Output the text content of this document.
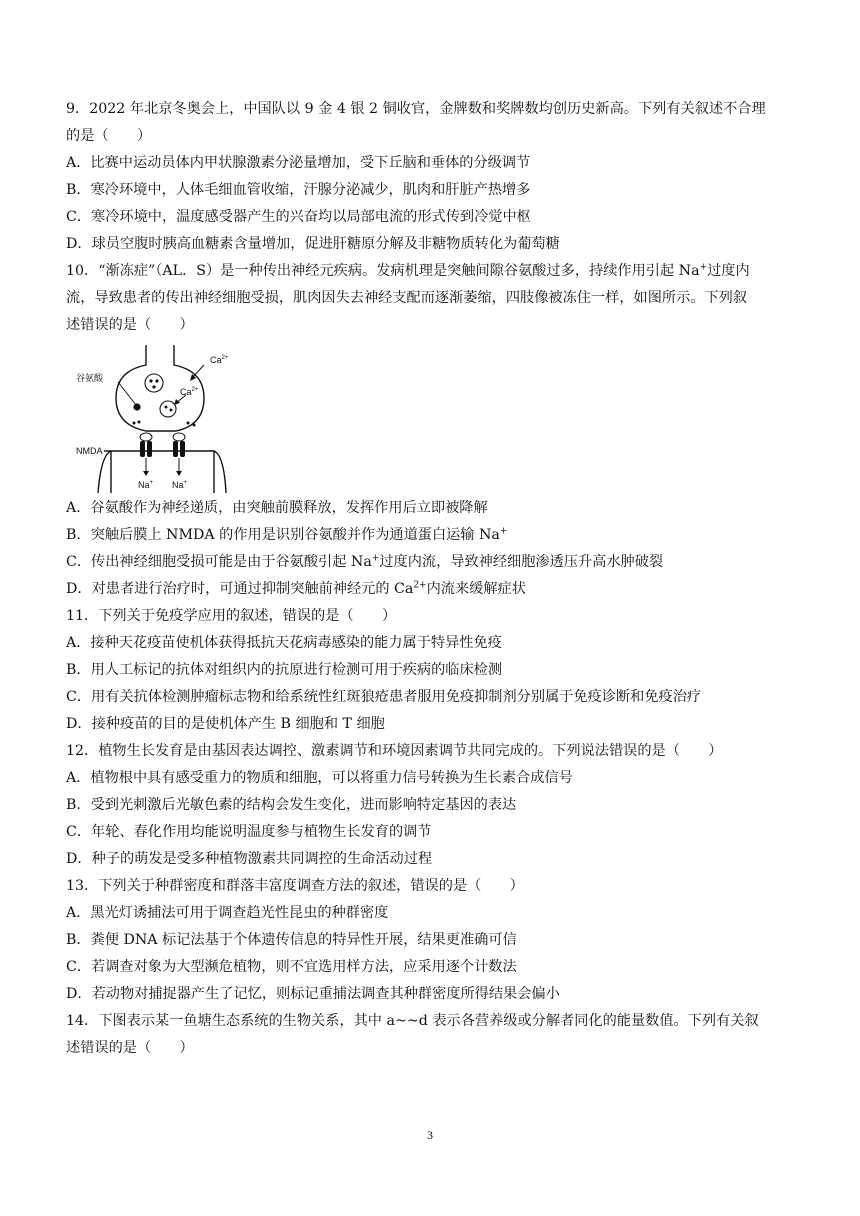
9．2022 年北京冬奥会上，中国队以 9 金 4 银 2 铜收官，金牌数和奖牌数均创历史新高。下列有关叙述不合理
的是（　　）
A．比赛中运动员体内甲状腺激素分泌量增加，受下丘脑和垂体的分级调节
B．寒冷环境中，人体毛细血管收缩，汗腺分泌减少，肌肉和肝脏产热增多
C．寒冷环境中，温度感受器产生的兴奋均以局部电流的形式传到冷觉中枢
D．球员空腹时胰高血糖素含量增加，促进肝糖原分解及非糖物质转化为葡萄糖
10．“渐冻症”（AL．S）是一种传出神经元疾病。发病机理是突触间隙谷氨酸过多，持续作用引起 Na+过度内
流，导致患者的传出神经细胞受损，肌肉因失去神经支配而逐渐萎缩，四肢像被冻住一样，如图所示。下列叙
述错误的是（　　）
谷氨酸
$Ca^{2+}$
$Ca^{2+}$
NMDA
Na+ Na+
A．谷氨酸作为神经递质，由突触前膜释放，发挥作用后立即被降解
B．突触后膜上 NMDA 的作用是识别谷氨酸并作为通道蛋白运输 Na+
C．传出神经细胞受损可能是由于谷氨酸引起 Na+过度内流，导致神经细胞渗透压升高水肿破裂
D．对患者进行治疗时，可通过抑制突触前神经元的 $Ca^{2+}$内流来缓解症状
11．下列关于免疫学应用的叙述，错误的是（　　）
A．接种天花疫苗使机体获得抵抗天花病毒感染的能力属于特异性免疫
B．用人工标记的抗体对组织内的抗原进行检测可用于疾病的临床检测
C．用有关抗体检测肿瘤标志物和给系统性红斑狼疮患者服用免疫抑制剂分别属于免疫诊断和免疫治疗
D．接种疫苗的目的是使机体产生 B 细胞和 T 细胞
12．植物生长发育是由基因表达调控、激素调节和环境因素调节共同完成的。下列说法错误的是（　　）
A．植物根中具有感受重力的物质和细胞，可以将重力信号转换为生长素合成信号
B．受到光刺激后光敏色素的结构会发生变化，进而影响特定基因的表达
C．年轮、春化作用均能说明温度参与植物生长发育的调节
D．种子的萌发是受多种植物激素共同调控的生命活动过程
13．下列关于种群密度和群落丰富度调查方法的叙述，错误的是（　　）
A．黑光灯诱捕法可用于调查趋光性昆虫的种群密度
B．粪便 DNA 标记法基于个体遗传信息的特异性开展，结果更准确可信
C．若调查对象为大型濒危植物，则不宜选用样方法，应采用逐个计数法
D．若动物对捕捉器产生了记忆，则标记重捕法调查其种群密度所得结果会偏小
14．下图表示某一鱼塘生态系统的生物关系，其中 a~~d 表示各营养级或分解者同化的能量数值。下列有关叙
述错误的是（　　）
3
